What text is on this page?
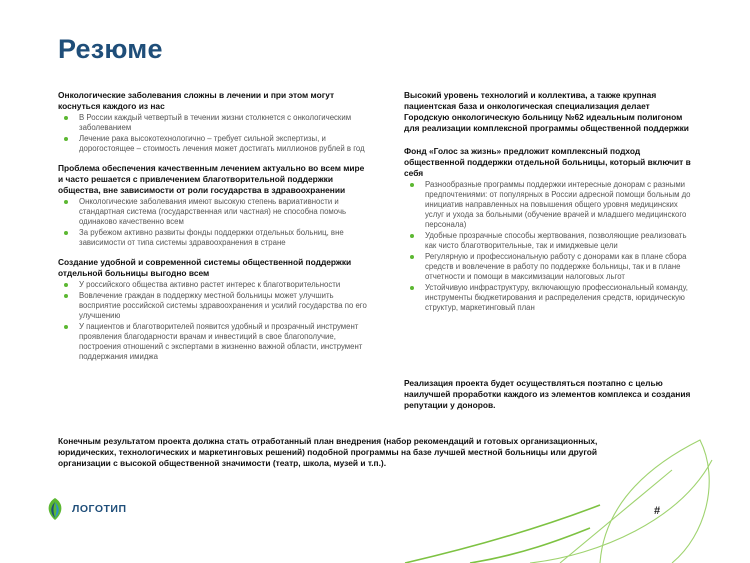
Резюме
Онкологические заболевания сложны в лечении и при этом могут коснуться каждого из нас
В России каждый четвертый в течении жизни столкнется с онкологическим заболеванием
Лечение рака высокотехнологично – требует сильной экспертизы, и дорогостоящее – стоимость лечения может достигать миллионов рублей в год
Проблема обеспечения качественным лечением актуально во всем мире и часто решается с привлечением благотворительной поддержки общества, вне зависимости от роли государства в здравоохранении
Онкологические заболевания имеют высокую степень вариативности и стандартная система (государственная или частная) не способна помочь одинаково качественно всем
За рубежом активно развиты фонды поддержки отдельных больниц, вне зависимости от типа системы здравоохранения в стране
Создание удобной и современной системы общественной поддержки отдельной больницы выгодно всем
У российского общества активно растет интерес к благотворительности
Вовлечение граждан в поддержку местной больницы может улучшить восприятие российской системы здравоохранения и усилий государства по его улучшению
У пациентов и благотворителей появится удобный и прозрачный инструмент проявления благодарности врачам и инвестиций в свое благополучие, построения отношений с экспертами в жизненно важной области, инструмент поддержания имиджа
Высокий уровень технологий и коллектива, а также крупная пациентская база и онкологическая специализация делает Городскую онкологическую больницу №62 идеальным полигоном для реализации комплексной программы общественной поддержки
Фонд «Голос за жизнь» предложит комплексный подход общественной поддержки отдельной больницы, который включит в себя
Разнообразные программы поддержки интересные донорам с разными предпочтениями: от популярных в России адресной помощи больным до инициатив направленных на повышения общего уровня медицинских услуг и ухода за больными (обучение врачей и младшего медицинского персонала)
Удобные прозрачные способы жертвования, позволяющие реализовать как чисто благотворительные, так и имиджевые цели
Регулярную и профессиональную работу с донорами как в плане сбора средств и вовлечение в работу по поддержке больницы, так и в плане отчетности и помощи в максимизации налоговых льгот
Устойчивую инфраструктуру, включающую профессиональный команду, инструменты бюджетирования и распределения средств, юридическую структур, маркетинговый план
Реализация проекта будет осуществляться поэтапно с целью наилучшей проработки каждого из элементов комплекса и создания репутации у доноров.
Конечным результатом проекта должна стать отработанный план внедрения (набор рекомендаций и готовых организационных, юридических, технологических и маркетинговых решений) подобной программы на базе лучшей местной больницы или другой организации с высокой общественной значимости (театр, школа, музей и т.п.).
ЛОГОТИП	#
